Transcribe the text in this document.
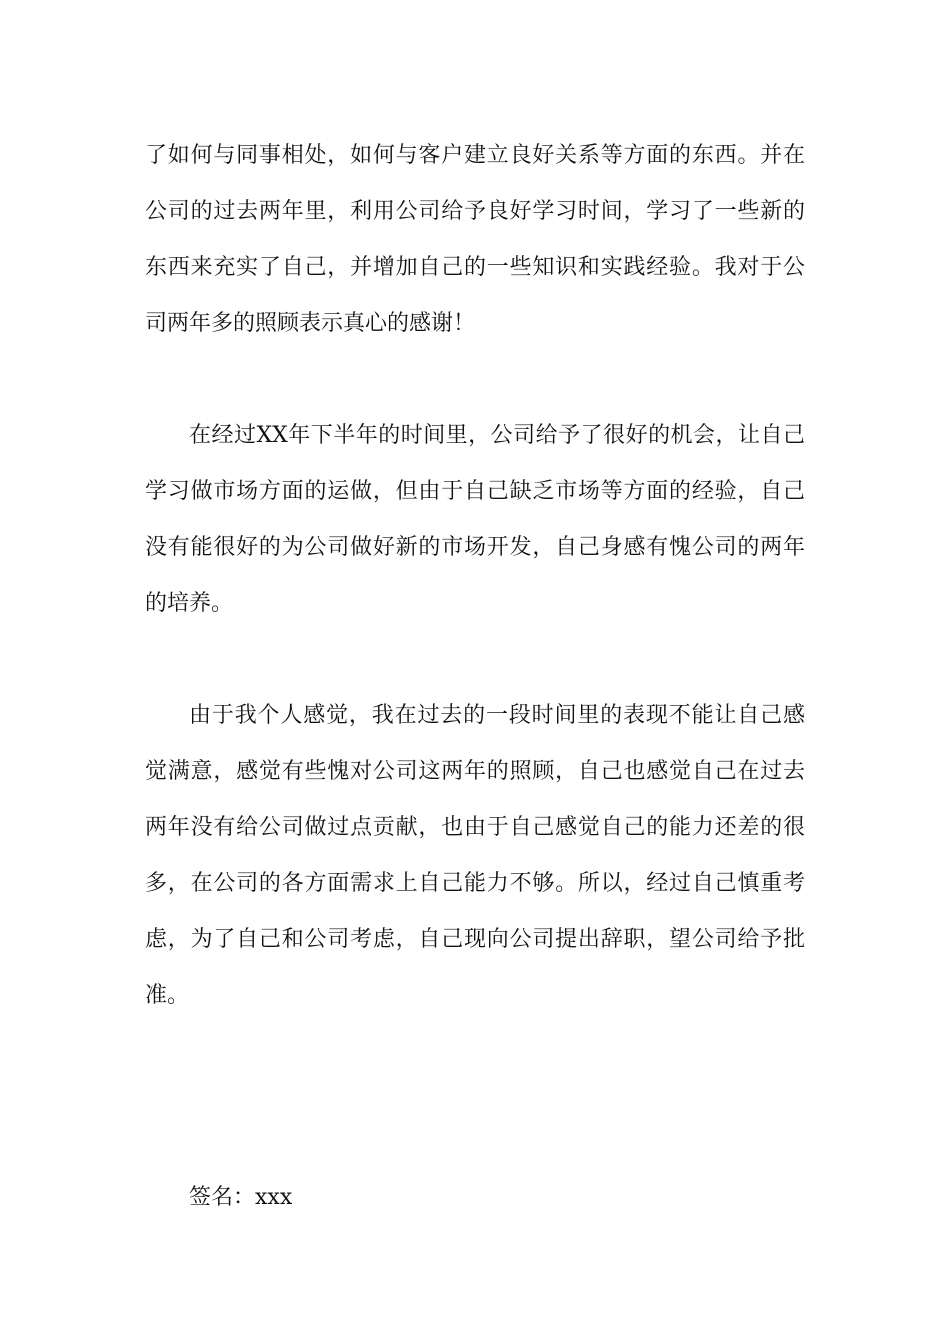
了如何与同事相处，如何与客户建立良好关系等方面的东西。并在
公司的过去两年里，利用公司给予良好学习时间，学习了一些新的
东西来充实了自己，并增加自己的一些知识和实践经验。我对于公
司两年多的照顾表示真心的感谢！
在经过XX年下半年的时间里，公司给予了很好的机会，让自己
学习做市场方面的运做，但由于自己缺乏市场等方面的经验，自己
没有能很好的为公司做好新的市场开发，自己身感有愧公司的两年
的培养。
由于我个人感觉，我在过去的一段时间里的表现不能让自己感
觉满意，感觉有些愧对公司这两年的照顾，自己也感觉自己在过去
两年没有给公司做过点贡献，也由于自己感觉自己的能力还差的很
多，在公司的各方面需求上自己能力不够。所以，经过自己慎重考
虑，为了自己和公司考虑，自己现向公司提出辞职，望公司给予批
准。
签名：xxx
